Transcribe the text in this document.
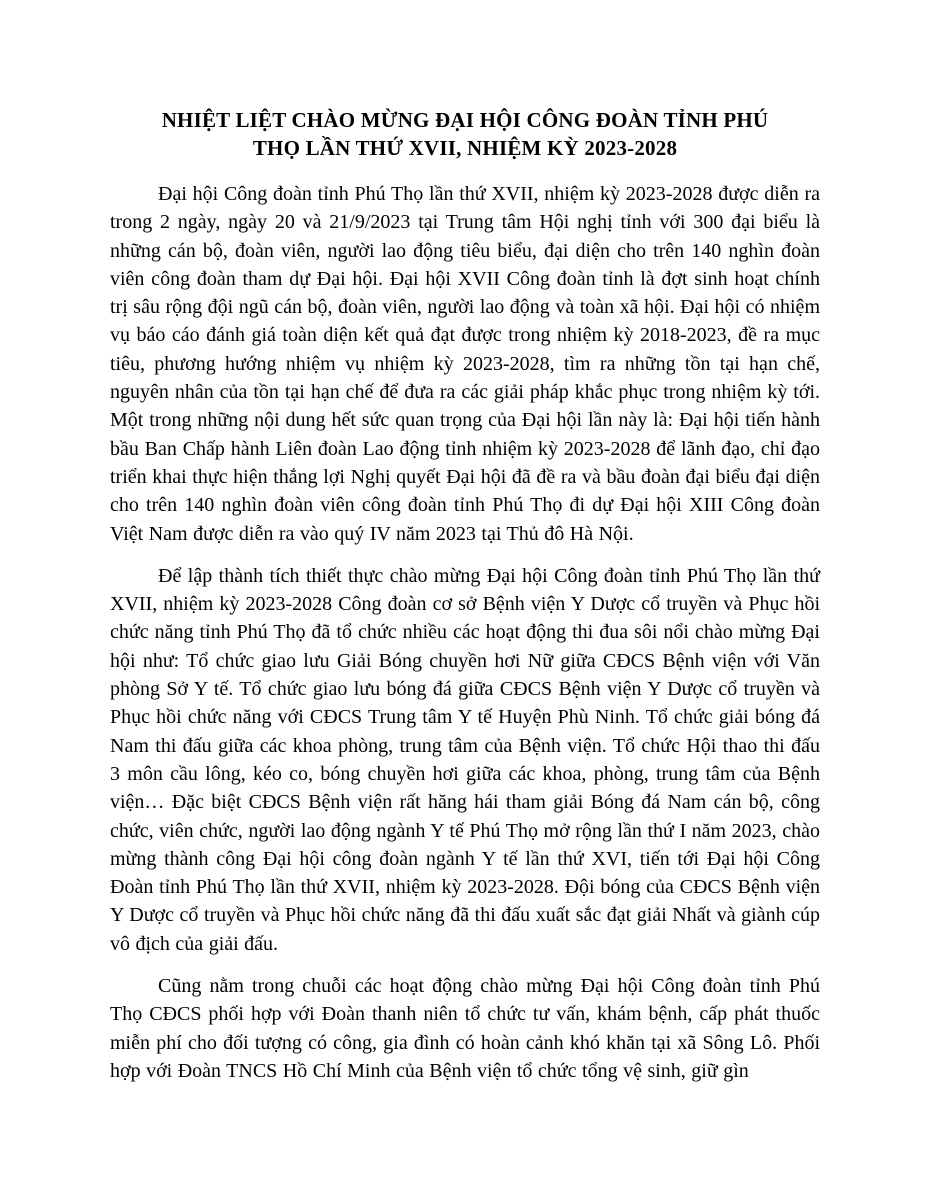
NHIỆT LIỆT CHÀO MỪNG ĐẠI HỘI CÔNG ĐOÀN TỈNH PHÚ
THỌ LẦN THỨ XVII, NHIỆM KỲ 2023-2028

Đại hội Công đoàn tỉnh Phú Thọ lần thứ XVII, nhiệm kỳ 2023-2028 được diễn ra trong 2 ngày, ngày 20 và 21/9/2023 tại Trung tâm Hội nghị tỉnh với 300 đại biểu là những cán bộ, đoàn viên, người lao động tiêu biểu, đại diện cho trên 140 nghìn đoàn viên công đoàn tham dự Đại hội. Đại hội XVII Công đoàn tỉnh là đợt sinh hoạt chính trị sâu rộng đội ngũ cán bộ, đoàn viên, người lao động và toàn xã hội. Đại hội có nhiệm vụ báo cáo đánh giá toàn diện kết quả đạt được trong nhiệm kỳ 2018-2023, đề ra mục tiêu, phương hướng nhiệm vụ nhiệm kỳ 2023-2028, tìm ra những tồn tại hạn chế, nguyên nhân của tồn tại hạn chế để đưa ra các giải pháp khắc phục trong nhiệm kỳ tới. Một trong những nội dung hết sức quan trọng của Đại hội lần này là: Đại hội tiến hành bầu Ban Chấp hành Liên đoàn Lao động tỉnh nhiệm kỳ 2023-2028 để lãnh đạo, chỉ đạo triển khai thực hiện thắng lợi Nghị quyết Đại hội đã đề ra và bầu đoàn đại biểu đại diện cho trên 140 nghìn đoàn viên công đoàn tỉnh Phú Thọ đi dự Đại hội XIII Công đoàn Việt Nam được diễn ra vào quý IV năm 2023 tại Thủ đô Hà Nội.

Để lập thành tích thiết thực chào mừng Đại hội Công đoàn tỉnh Phú Thọ lần thứ XVII, nhiệm kỳ 2023-2028 Công đoàn cơ sở Bệnh viện Y Dược cổ truyền và Phục hồi chức năng tỉnh Phú Thọ đã tổ chức nhiều các hoạt động thi đua sôi nổi chào mừng Đại hội như: Tổ chức giao lưu Giải Bóng chuyền hơi Nữ giữa CĐCS Bệnh viện với Văn phòng Sở Y tế. Tổ chức giao lưu bóng đá giữa CĐCS Bệnh viện Y Dược cổ truyền và Phục hồi chức năng với CĐCS Trung tâm Y tế Huyện Phù Ninh. Tổ chức giải bóng đá Nam thi đấu giữa các khoa phòng, trung tâm của Bệnh viện. Tổ chức Hội thao thi đấu 3 môn cầu lông, kéo co, bóng chuyền hơi giữa các khoa, phòng, trung tâm của Bệnh viện… Đặc biệt CĐCS Bệnh viện rất hăng hái tham giải Bóng đá Nam cán bộ, công chức, viên chức, người lao động ngành Y tế Phú Thọ mở rộng lần thứ I năm 2023, chào mừng thành công Đại hội công đoàn ngành Y tế lần thứ XVI, tiến tới Đại hội Công Đoàn tỉnh Phú Thọ lần thứ XVII, nhiệm kỳ 2023-2028. Đội bóng của CĐCS Bệnh viện Y Dược cổ truyền và Phục hồi chức năng đã thi đấu xuất sắc đạt giải Nhất và giành cúp vô địch của giải đấu.

Cũng nằm trong chuỗi các hoạt động chào mừng Đại hội Công đoàn tỉnh Phú Thọ CĐCS phối hợp với Đoàn thanh niên tổ chức tư vấn, khám bệnh, cấp phát thuốc miễn phí cho đối tượng có công, gia đình có hoàn cảnh khó khăn tại xã Sông Lô. Phối hợp với Đoàn TNCS Hồ Chí Minh của Bệnh viện tổ chức tổng vệ sinh, giữ gìn
